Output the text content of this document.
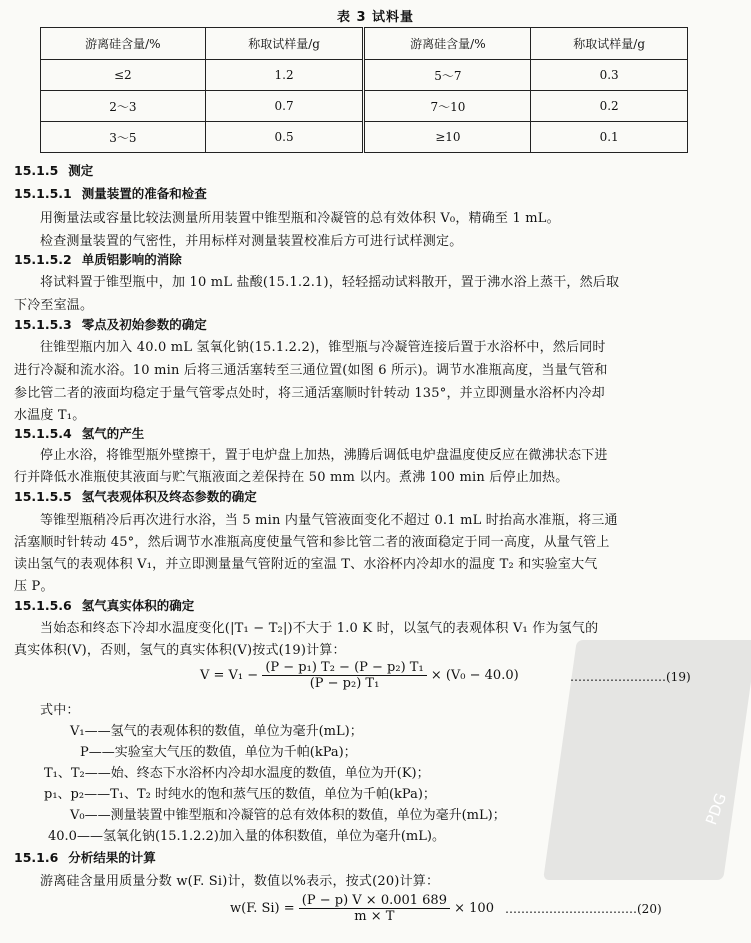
表 3 试料量
游离硅含量/%	称取试样量/g	游离硅含量/%	称取试样量/g
≤2	1.2	5～7	0.3
2～3	0.7	7～10	0.2
3～5	0.5	≥10	0.1
PDG
15.1.5 测定
15.1.5.1 测量装置的准备和检查
用衡量法或容量比较法测量所用装置中锥型瓶和冷凝管的总有效体积 V₀，精确至 1 mL。
检查测量装置的气密性，并用标样对测量装置校准后方可进行试样测定。
15.1.5.2 单质铝影响的消除
将试料置于锥型瓶中，加 10 mL 盐酸(15.1.2.1)，轻轻摇动试料散开，置于沸水浴上蒸干，然后取
下冷至室温。
15.1.5.3 零点及初始参数的确定
往锥型瓶内加入 40.0 mL 氢氧化钠(15.1.2.2)，锥型瓶与冷凝管连接后置于水浴杯中，然后同时
进行冷凝和流水浴。10 min 后将三通活塞转至三通位置(如图 6 所示)。调节水准瓶高度，当量气管和
参比管二者的液面均稳定于量气管零点处时，将三通活塞顺时针转动 135°，并立即测量水浴杯内冷却
水温度 T₁。
15.1.5.4 氢气的产生
停止水浴，将锥型瓶外壁擦干，置于电炉盘上加热，沸腾后调低电炉盘温度使反应在微沸状态下进
行并降低水准瓶使其液面与贮气瓶液面之差保持在 50 mm 以内。煮沸 100 min 后停止加热。
15.1.5.5 氢气表观体积及终态参数的确定
等锥型瓶稍冷后再次进行水浴，当 5 min 内量气管液面变化不超过 0.1 mL 时抬高水准瓶，将三通
活塞顺时针转动 45°，然后调节水准瓶高度使量气管和参比管二者的液面稳定于同一高度，从量气管上
读出氢气的表观体积 V₁，并立即测量量气管附近的室温 T、水浴杯内冷却水的温度 T₂ 和实验室大气
压 P。
15.1.5.6 氢气真实体积的确定
当始态和终态下冷却水温度变化(|T₁ − T₂|)不大于 1.0 K 时，以氢气的表观体积 V₁ 作为氢气的
真实体积(V)，否则，氢气的真实体积(V)按式(19)计算：
$V = V_1 - \frac{\text{(P − p₁) T₂ − (P − p₂) T₁}}{\text{(P − p₂) T₁}} \times (V_0 - 40.0)$	……………………(19)
式中：
V₁——氢气的表观体积的数值，单位为毫升(mL)；
P——实验室大气压的数值，单位为千帕(kPa)；
T₁、T₂——始、终态下水浴杯内冷却水温度的数值，单位为开(K)；
p₁、p₂——T₁、T₂ 时纯水的饱和蒸气压的数值，单位为千帕(kPa)；
V₀——测量装置中锥型瓶和冷凝管的总有效体积的数值，单位为毫升(mL)；
40.0——氢氧化钠(15.1.2.2)加入量的体积数值，单位为毫升(mL)。
15.1.6 分析结果的计算
游离硅含量用质量分数 w(F. Si)计，数值以%表示，按式(20)计算：
w(F. $Si) = \frac{(P - p) V \times 0.001 689}{m \times T} \times 100$ ……………………………(20)
